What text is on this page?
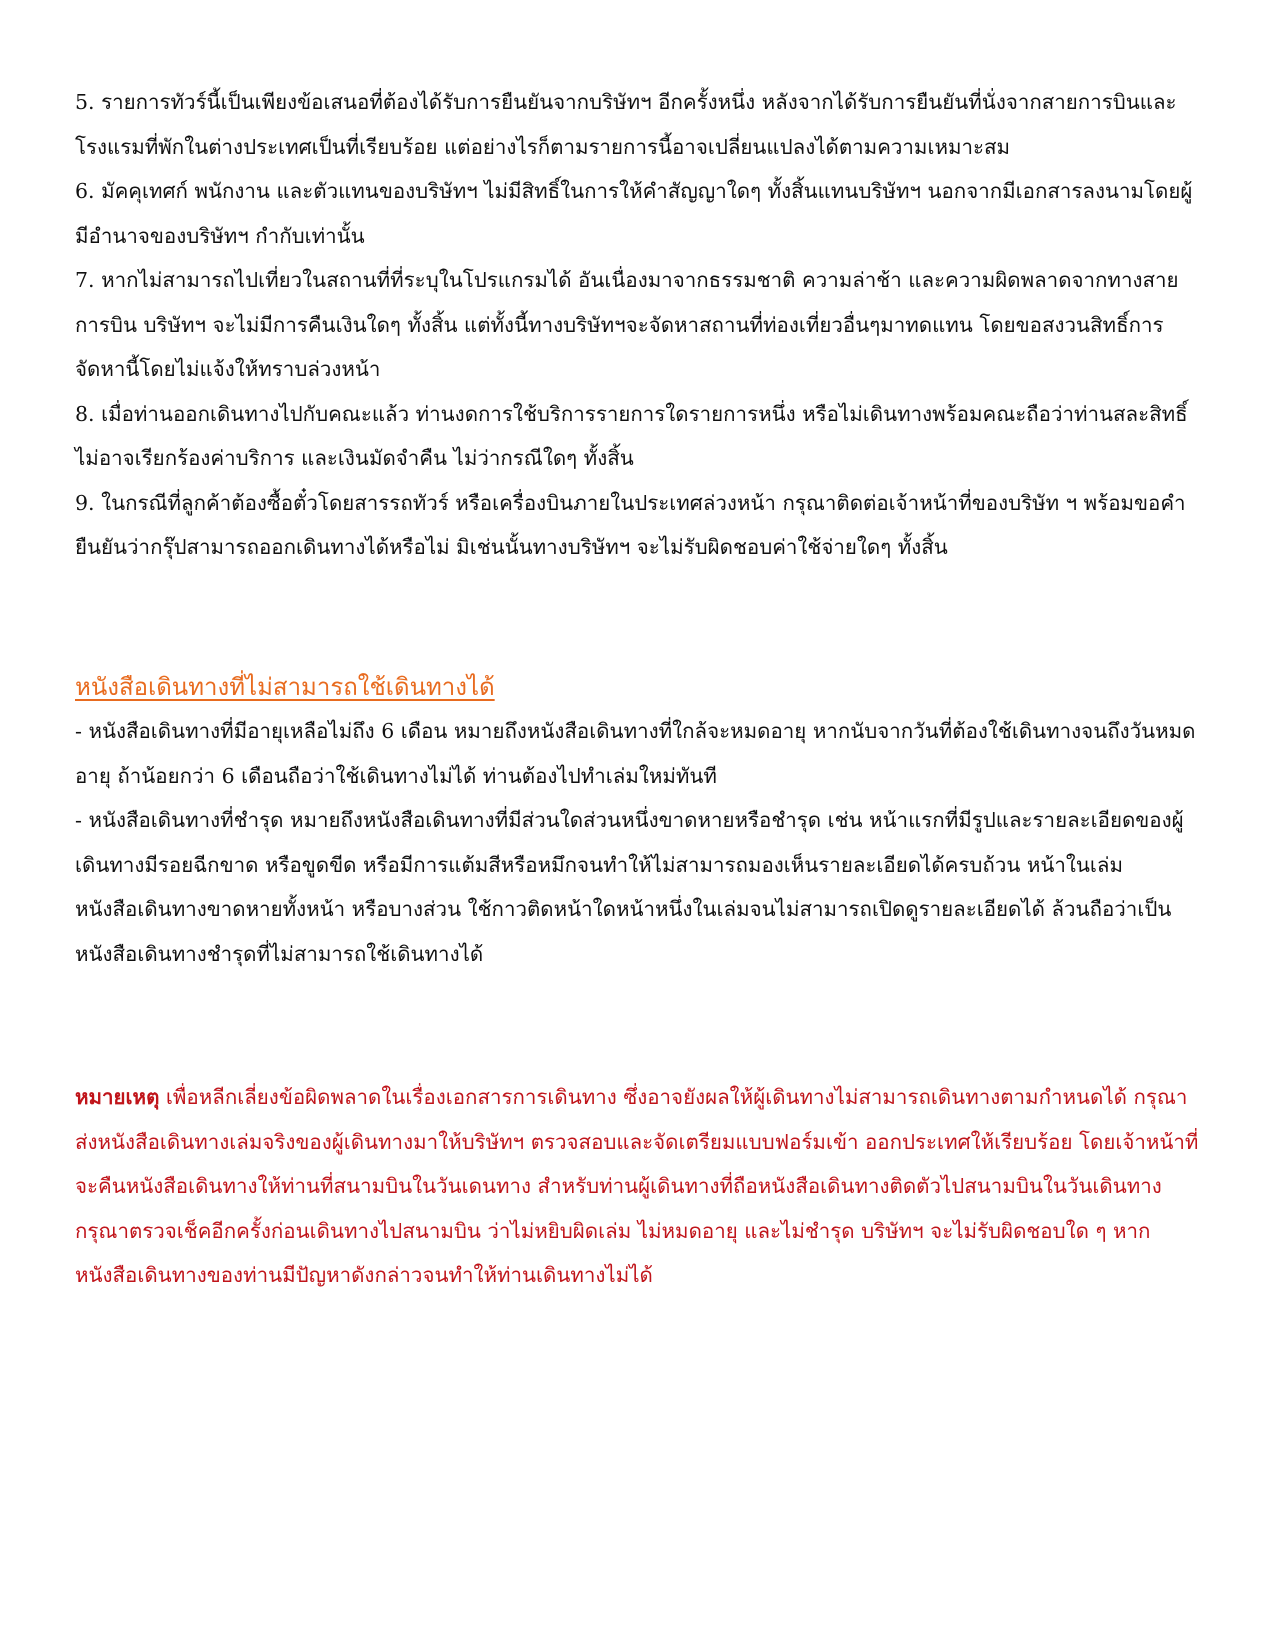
5. รายการทัวร์นี้เป็นเพียงข้อเสนอที่ต้องได้รับการยืนยันจากบริษัทฯ อีกครั้งหนึ่ง หลังจากได้รับการยืนยันที่นั่งจากสายการบินและโรงแรมที่พักในต่างประเทศเป็นที่เรียบร้อย แต่อย่างไรก็ตามรายการนี้อาจเปลี่ยนแปลงได้ตามความเหมาะสม

6. มัคคุเทศก์ พนักงาน และตัวแทนของบริษัทฯ ไม่มีสิทธิ์ในการให้คำสัญญาใดๆ ทั้งสิ้นแทนบริษัทฯ นอกจากมีเอกสารลงนามโดยผู้มีอำนาจของบริษัทฯ กำกับเท่านั้น

7. หากไม่สามารถไปเที่ยวในสถานที่ที่ระบุในโปรแกรมได้ อันเนื่องมาจากธรรมชาติ ความล่าช้า และความผิดพลาดจากทางสายการบิน บริษัทฯ จะไม่มีการคืนเงินใดๆ ทั้งสิ้น แต่ทั้งนี้ทางบริษัทฯจะจัดหาสถานที่ท่องเที่ยวอื่นๆมาทดแทน โดยขอสงวนสิทธิ์การจัดหานี้โดยไม่แจ้งให้ทราบล่วงหน้า

8. เมื่อท่านออกเดินทางไปกับคณะแล้ว ท่านงดการใช้บริการรายการใดรายการหนึ่ง หรือไม่เดินทางพร้อมคณะถือว่าท่านสละสิทธิ์ ไม่อาจเรียกร้องค่าบริการ และเงินมัดจำคืน ไม่ว่ากรณีใดๆ ทั้งสิ้น

9. ในกรณีที่ลูกค้าต้องซื้อตั๋วโดยสารรถทัวร์ หรือเครื่องบินภายในประเทศล่วงหน้า กรุณาติดต่อเจ้าหน้าที่ของบริษัท ฯ พร้อมขอคำยืนยันว่ากรุ๊ปสามารถออกเดินทางได้หรือไม่ มิเช่นนั้นทางบริษัทฯ จะไม่รับผิดชอบค่าใช้จ่ายใดๆ ทั้งสิ้น

หนังสือเดินทางที่ไม่สามารถใช้เดินทางได้

- หนังสือเดินทางที่มีอายุเหลือไม่ถึง 6 เดือน หมายถึงหนังสือเดินทางที่ใกล้จะหมดอายุ หากนับจากวันที่ต้องใช้เดินทางจนถึงวันหมดอายุ ถ้าน้อยกว่า 6 เดือนถือว่าใช้เดินทางไม่ได้ ท่านต้องไปทำเล่มใหม่ทันที

- หนังสือเดินทางที่ชำรุด หมายถึงหนังสือเดินทางที่มีส่วนใดส่วนหนึ่งขาดหายหรือชำรุด เช่น หน้าแรกที่มีรูปและรายละเอียดของผู้เดินทางมีรอยฉีกขาด หรือขูดขีด หรือมีการแต้มสีหรือหมึกจนทำให้ไม่สามารถมองเห็นรายละเอียดได้ครบถ้วน หน้าในเล่มหนังสือเดินทางขาดหายทั้งหน้า หรือบางส่วน ใช้กาวติดหน้าใดหน้าหนึ่งในเล่มจนไม่สามารถเปิดดูรายละเอียดได้ ล้วนถือว่าเป็นหนังสือเดินทางชำรุดที่ไม่สามารถใช้เดินทางได้

หมายเหตุ เพื่อหลีกเลี่ยงข้อผิดพลาดในเรื่องเอกสารการเดินทาง ซึ่งอาจยังผลให้ผู้เดินทางไม่สามารถเดินทางตามกำหนดได้ กรุณาส่งหนังสือเดินทางเล่มจริงของผู้เดินทางมาให้บริษัทฯ ตรวจสอบและจัดเตรียมแบบฟอร์มเข้า ออกประเทศให้เรียบร้อย โดยเจ้าหน้าที่จะคืนหนังสือเดินทางให้ท่านที่สนามบินในวันเดนทาง สำหรับท่านผู้เดินทางที่ถือหนังสือเดินทางติดตัวไปสนามบินในวันเดินทาง กรุณาตรวจเช็คอีกครั้งก่อนเดินทางไปสนามบิน ว่าไม่หยิบผิดเล่ม ไม่หมดอายุ และไม่ชำรุด บริษัทฯ จะไม่รับผิดชอบใด ๆ หากหนังสือเดินทางของท่านมีปัญหาดังกล่าวจนทำให้ท่านเดินทางไม่ได้
